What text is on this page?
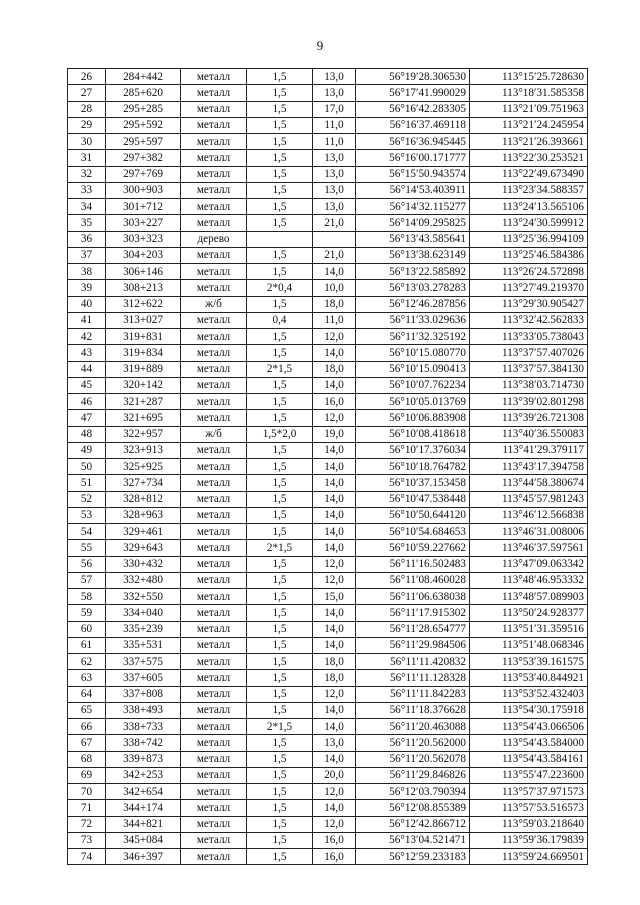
9
26	284+442	металл	1,5	13,0	56°19′28.306530	113°15′25.728630
27	285+620	металл	1,5	13,0	56°17′41.990029	113°18′31.585358
28	295+285	металл	1,5	17,0	56°16′42.283305	113°21′09.751963
29	295+592	металл	1,5	11,0	56°16′37.469118	113°21′24.245954
30	295+597	металл	1,5	11,0	56°16′36.945445	113°21′26.393661
31	297+382	металл	1,5	13,0	56°16′00.171777	113°22′30.253521
32	297+769	металл	1,5	13,0	56°15′50.943574	113°22′49.673490
33	300+903	металл	1,5	13,0	56°14′53.403911	113°23′34.588357
34	301+712	металл	1,5	13,0	56°14′32.115277	113°24′13.565106
35	303+227	металл	1,5	21,0	56°14′09.295825	113°24′30.599912
36	303+323	дерево			56°13′43.585641	113°25′36.994109
37	304+203	металл	1,5	21,0	56°13′38.623149	113°25′46.584386
38	306+146	металл	1,5	14,0	56°13′22.585892	113°26′24.572898
39	308+213	металл	2*0,4	10,0	56°13′03.278283	113°27′49.219370
40	312+622	ж/б	1,5	18,0	56°12′46.287856	113°29′30.905427
41	313+027	металл	0,4	11,0	56°11′33.029636	113°32′42.562833
42	319+831	металл	1,5	12,0	56°11′32.325192	113°33′05.738043
43	319+834	металл	1,5	14,0	56°10′15.080770	113°37′57.407026
44	319+889	металл	2*1,5	18,0	56°10′15.090413	113°37′57.384130
45	320+142	металл	1,5	14,0	56°10′07.762234	113°38′03.714730
46	321+287	металл	1,5	16,0	56°10′05.013769	113°39′02.801298
47	321+695	металл	1,5	12,0	56°10′06.883908	113°39′26.721308
48	322+957	ж/б	1,5*2,0	19,0	56°10′08.418618	113°40′36.550083
49	323+913	металл	1,5	14,0	56°10′17.376034	113°41′29.379117
50	325+925	металл	1,5	14,0	56°10′18.764782	113°43′17.394758
51	327+734	металл	1,5	14,0	56°10′37.153458	113°44′58.380674
52	328+812	металл	1,5	14,0	56°10′47.538448	113°45′57.981243
53	328+963	металл	1,5	14,0	56°10′50.644120	113°46′12.566838
54	329+461	металл	1,5	14,0	56°10′54.684653	113°46′31.008006
55	329+643	металл	2*1,5	14,0	56°10′59.227662	113°46′37.597561
56	330+432	металл	1,5	12,0	56°11′16.502483	113°47′09.063342
57	332+480	металл	1,5	12,0	56°11′08.460028	113°48′46.953332
58	332+550	металл	1,5	15,0	56°11′06.638038	113°48′57.089903
59	334+040	металл	1,5	14,0	56°11′17.915302	113°50′24.928377
60	335+239	металл	1,5	14,0	56°11′28.654777	113°51′31.359516
61	335+531	металл	1,5	14,0	56°11′29.984506	113°51′48.068346
62	337+575	металл	1,5	18,0	56°11′11.420832	113°53′39.161575
63	337+605	металл	1,5	18,0	56°11′11.128328	113°53′40.844921
64	337+808	металл	1,5	12,0	56°11′11.842283	113°53′52.432403
65	338+493	металл	1,5	14,0	56°11′18.376628	113°54′30.175918
66	338+733	металл	2*1,5	14,0	56°11′20.463088	113°54′43.066506
67	338+742	металл	1,5	13,0	56°11′20.562000	113°54′43.584000
68	339+873	металл	1,5	14,0	56°11′20.562078	113°54′43.584161
69	342+253	металл	1,5	20,0	56°11′29.846826	113°55′47.223600
70	342+654	металл	1,5	12,0	56°12′03.790394	113°57′37.971573
71	344+174	металл	1,5	14,0	56°12′08.855389	113°57′53.516573
72	344+821	металл	1,5	12,0	56°12′42.866712	113°59′03.218640
73	345+084	металл	1,5	16,0	56°13′04.521471	113°59′36.179839
74	346+397	металл	1,5	16,0	56°12′59.233183	113°59′24.669501
